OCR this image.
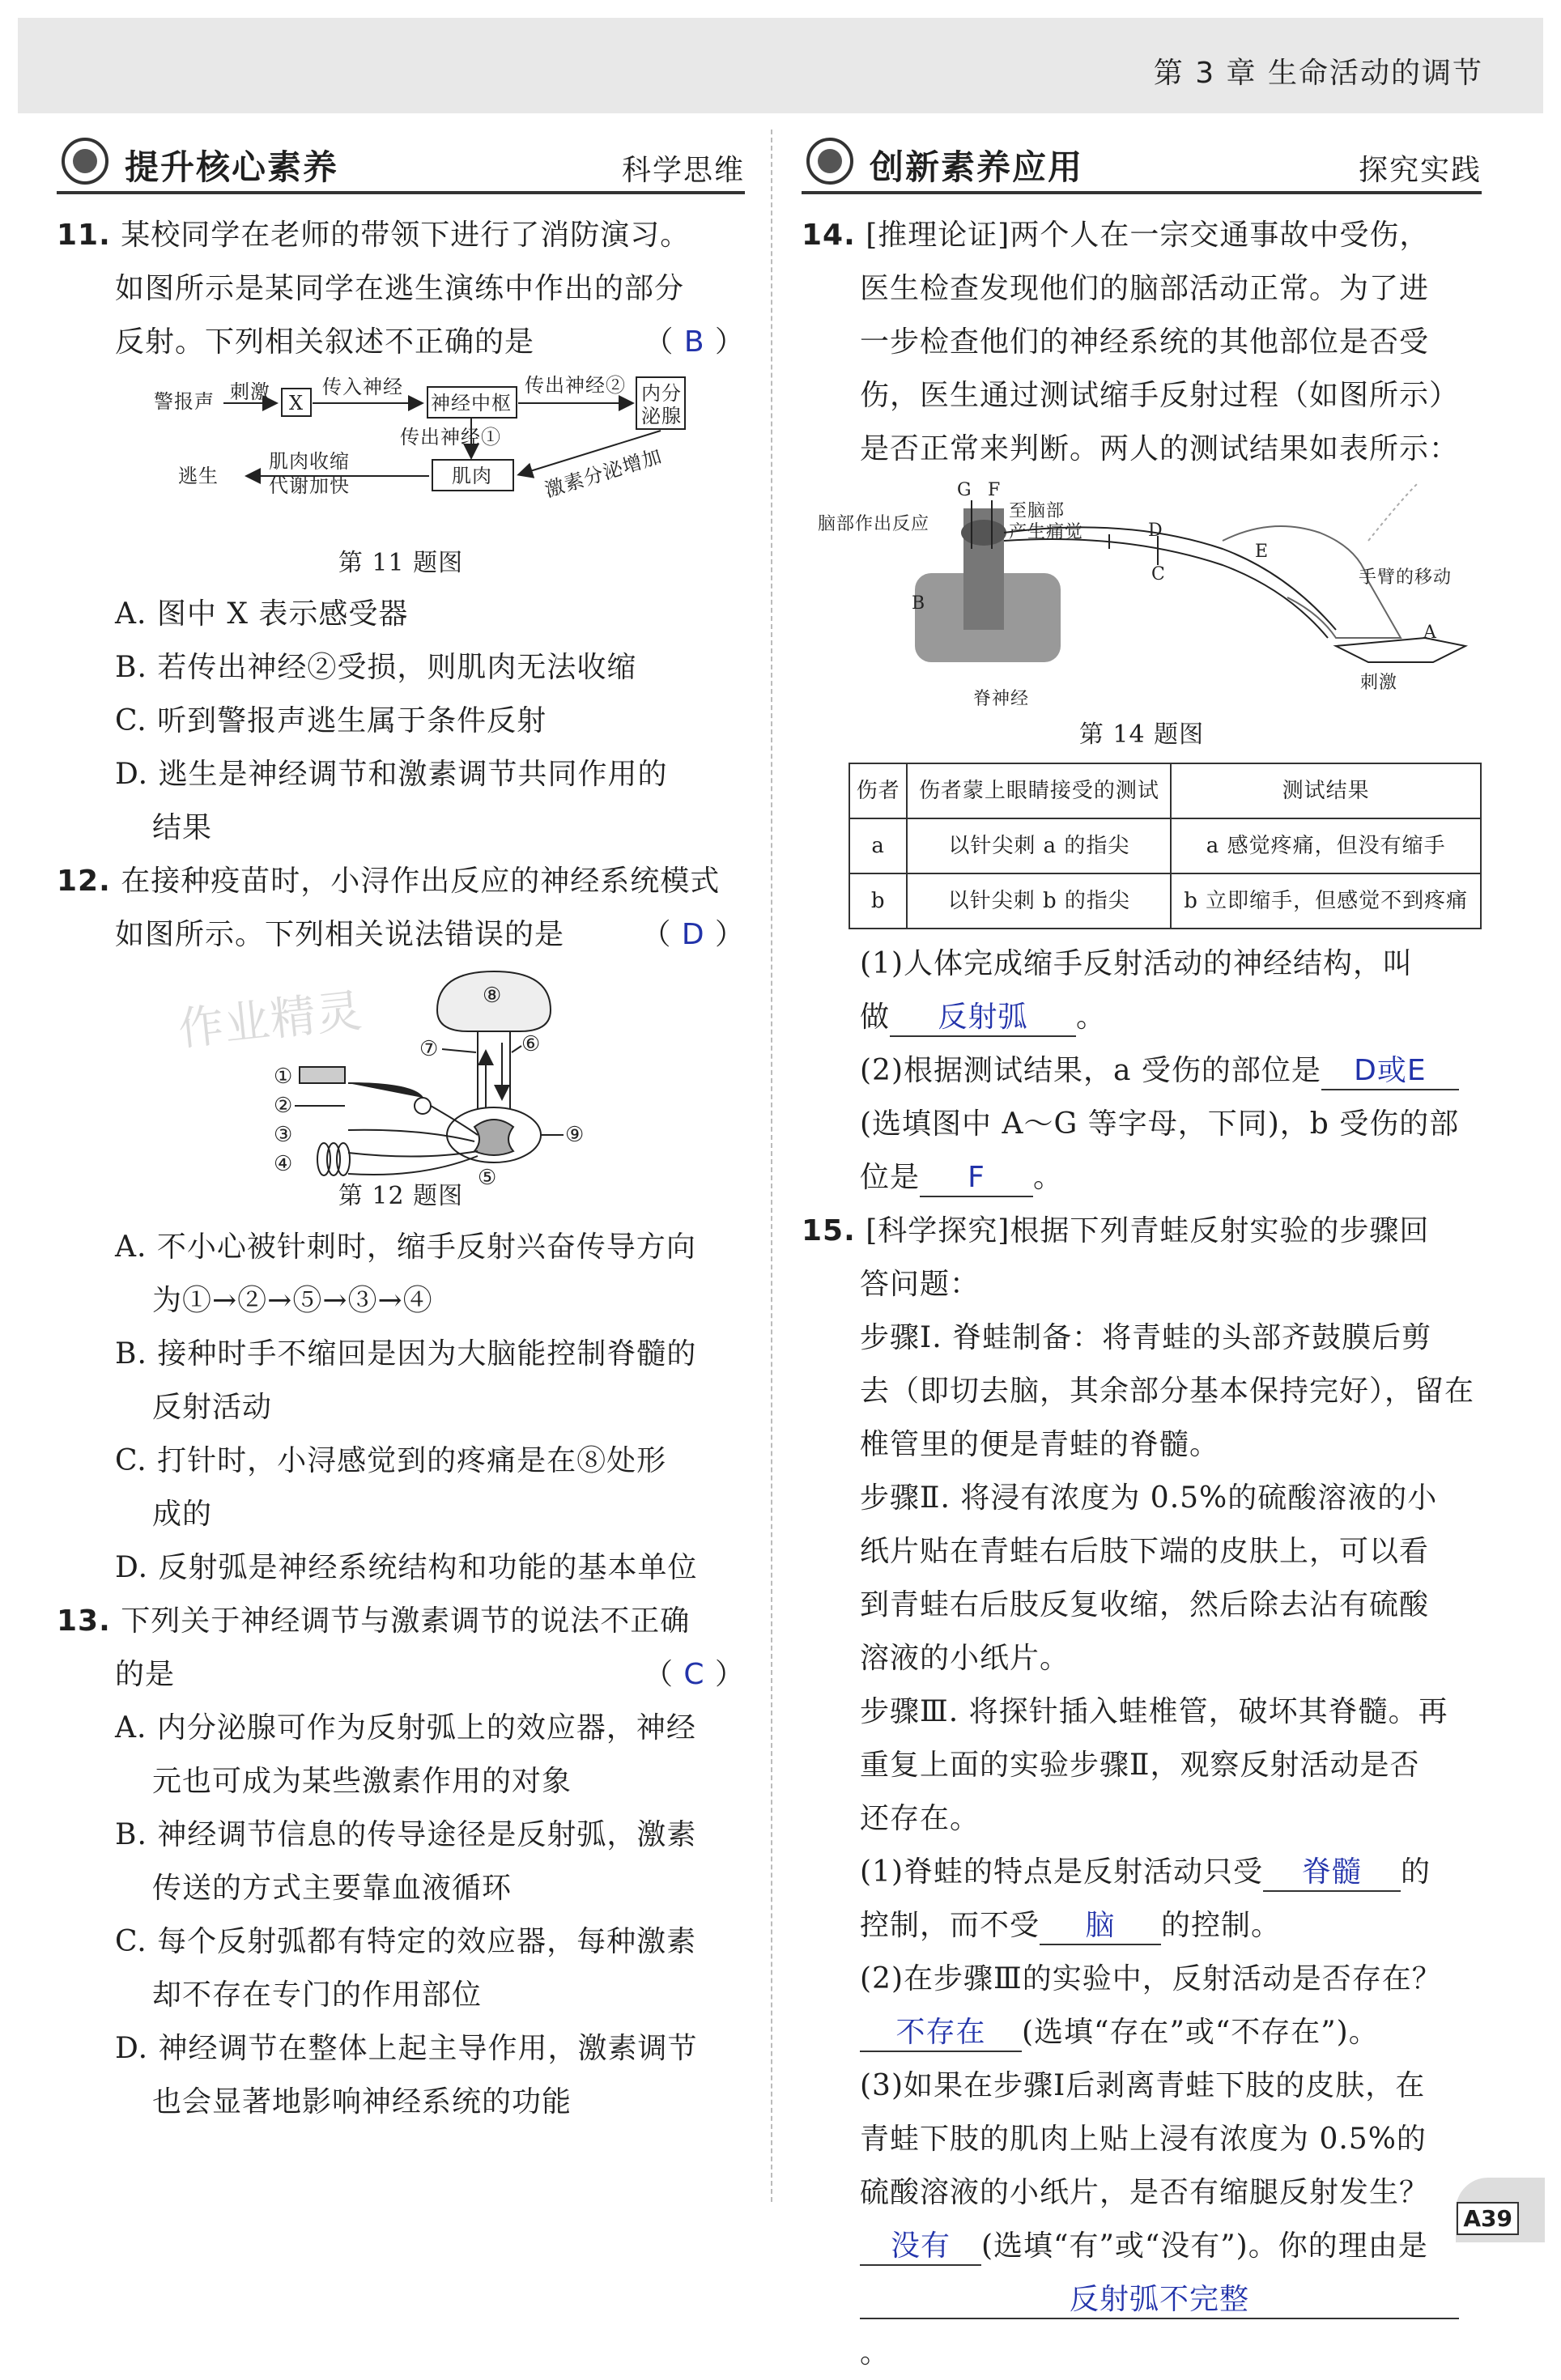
第 3 章 生命活动的调节
提升核心素养	科学思维
11. 某校同学在老师的带领下进行了消防演习。
如图所示是某同学在逃生演练中作出的部分
反射。下列相关叙述不正确的是	（ B ）
警报声 刺激 X
传入神经
神经中枢
传出神经② 内分
泌腺
传出神经①
肌肉	激素分泌增加
肌肉收缩
代谢加快
逃生
第 11 题图
A. 图中 X 表示感受器
B. 若传出神经②受损，则肌肉无法收缩
C. 听到警报声逃生属于条件反射
D. 逃生是神经调节和激素调节共同作用的
结果
12. 在接种疫苗时，小浔作出反应的神经系统模式
如图所示。下列相关说法错误的是	（ D ）
⑧
⑦	⑥
⑨
①
②
③
④
⑤
作业精灵
第 12 题图
A. 不小心被针刺时，缩手反射兴奋传导方向
为①→②→⑤→③→④
B. 接种时手不缩回是因为大脑能控制脊髓的
反射活动
C. 打针时，小浔感觉到的疼痛是在⑧处形
成的
D. 反射弧是神经系统结构和功能的基本单位
13. 下列关于神经调节与激素调节的说法不正确
的是	（ C ）
A. 内分泌腺可作为反射弧上的效应器，神经
元也可成为某些激素作用的对象
B. 神经调节信息的传导途径是反射弧，激素
传送的方式主要靠血液循环
C. 每个反射弧都有特定的效应器，每种激素
却不存在专门的作用部位
D. 神经调节在整体上起主导作用，激素调节
也会显著地影响神经系统的功能
创新素养应用	探究实践
14. [推理论证]两个人在一宗交通事故中受伤，
医生检查发现他们的脑部活动正常。为了进
一步检查他们的神经系统的其他部位是否受
伤，医生通过测试缩手反射过程（如图所示）
是否正常来判断。两人的测试结果如表所示：
G F
脑部作出反应
至脑部
产生痛觉	D
E
B
C	手臂的移动
A
刺激
脊神经
第 14 题图
伤者	伤者蒙上眼睛接受的测试	测试结果
a	以针尖刺 a 的指尖	a 感觉疼痛，但没有缩手
b	以针尖刺 b 的指尖	b 立即缩手，但感觉不到疼痛
(1)人体完成缩手反射活动的神经结构，叫
做 反射弧 。
(2)根据测试结果，a 受伤的部位是 D或E
(选填图中 A～G 等字母，下同)，b 受伤的部
位是 F 。
15. [科学探究]根据下列青蛙反射实验的步骤回
答问题：
步骤Ⅰ. 脊蛙制备：将青蛙的头部齐鼓膜后剪
去（即切去脑，其余部分基本保持完好），留在
椎管里的便是青蛙的脊髓。
步骤Ⅱ. 将浸有浓度为 0.5%的硫酸溶液的小
纸片贴在青蛙右后肢下端的皮肤上，可以看
到青蛙右后肢反复收缩，然后除去沾有硫酸
溶液的小纸片。
步骤Ⅲ. 将探针插入蛙椎管，破坏其脊髓。再
重复上面的实验步骤Ⅱ，观察反射活动是否
还存在。
(1)脊蛙的特点是反射活动只受 脊髓 的
控制，而不受 脑 的控制。
(2)在步骤Ⅲ的实验中，反射活动是否存在？
不存在 (选填“存在”或“不存在”)。
(3)如果在步骤Ⅰ后剥离青蛙下肢的皮肤，在
青蛙下肢的肌肉上贴上浸有浓度为 0.5%的
硫酸溶液的小纸片，是否有缩腿反射发生？
没有 (选填“有”或“没有”)。你的理由是
反射弧不完整。
A39
